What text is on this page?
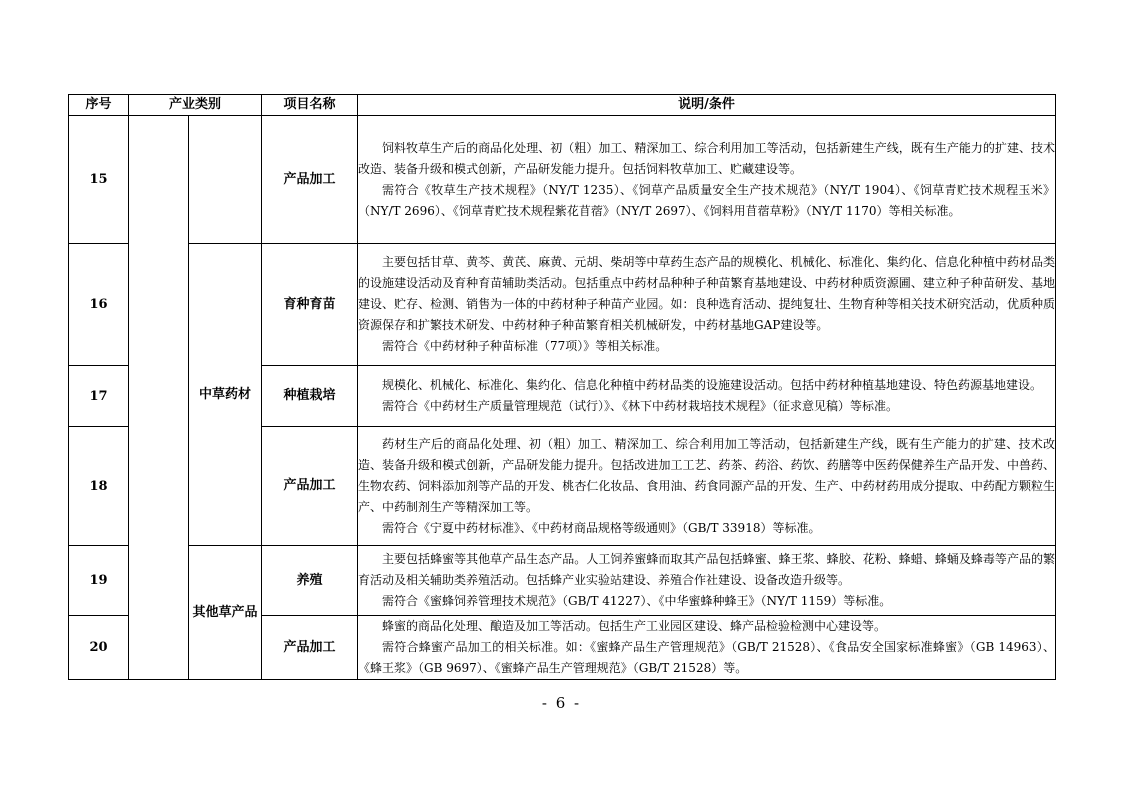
序号	产业类别		项目名称	说明/条件
15			产品加工	饲料牧草生产后的商品化处理、初（粗）加工、精深加工、综合利用加工等活动，包括新建生产线，既有生产能力的扩建、技术改造、装备升级和模式创新，产品研发能力提升。包括饲料牧草加工、贮藏建设等。

需符合《牧草生产技术规程》（NY/T 1235）、《饲草产品质量安全生产技术规范》（NY/T 1904）、《饲草青贮技术规程玉米》（NY/T 2696）、《饲草青贮技术规程紫花苜蓿》（NY/T 2697）、《饲料用苜蓿草粉》（NY/T 1170）等相关标准。

16		中草药材	育种育苗	主要包括甘草、黄芩、黄芪、麻黄、元胡、柴胡等中草药生态产品的规模化、机械化、标准化、集约化、信息化种植中药材品类的设施建设活动及育种育苗辅助类活动。包括重点中药材品种种子种苗繁育基地建设、中药材种质资源圃、建立种子种苗研发、基地建设、贮存、检测、销售为一体的中药材种子种苗产业园。如：良种选育活动、提纯复壮、生物育种等相关技术研究活动，优质种质资源保存和扩繁技术研发、中药材种子种苗繁育相关机械研发，中药材基地GAP建设等。

需符合《中药材种子种苗标准（77项）》等相关标准。

17			种植栽培	规模化、机械化、标准化、集约化、信息化种植中药材品类的设施建设活动。包括中药材种植基地建设、特色药源基地建设。

需符合《中药材生产质量管理规范（试行）》、《林下中药材栽培技术规程》（征求意见稿）等标准。

18			产品加工	药材生产后的商品化处理、初（粗）加工、精深加工、综合利用加工等活动，包括新建生产线，既有生产能力的扩建、技术改造、装备升级和模式创新，产品研发能力提升。包括改进加工工艺、药茶、药浴、药饮、药膳等中医药保健养生产品开发、中兽药、生物农药、饲料添加剂等产品的开发、桃杏仁化妆品、食用油、药食同源产品的开发、生产、中药材药用成分提取、中药配方颗粒生产、中药制剂生产等精深加工等。

需符合《宁夏中药材标准》、《中药材商品规格等级通则》（GB/T 33918）等标准。

19		其他草产品	养殖	主要包括蜂蜜等其他草产品生态产品。人工饲养蜜蜂而取其产品包括蜂蜜、蜂王浆、蜂胶、花粉、蜂蜡、蜂蛹及蜂毒等产品的繁育活动及相关辅助类养殖活动。包括蜂产业实验站建设、养殖合作社建设、设备改造升级等。

需符合《蜜蜂饲养管理技术规范》（GB/T 41227）、《中华蜜蜂种蜂王》（NY/T 1159）等标准。

20			产品加工	蜂蜜的商品化处理、酿造及加工等活动。包括生产工业园区建设、蜂产品检验检测中心建设等。

需符合蜂蜜产品加工的相关标准。如：《蜜蜂产品生产管理规范》（GB/T 21528）、《食品安全国家标准蜂蜜》（GB 14963）、《蜂王浆》（GB 9697）、《蜜蜂产品生产管理规范》（GB/T 21528）等。

- 6 -
